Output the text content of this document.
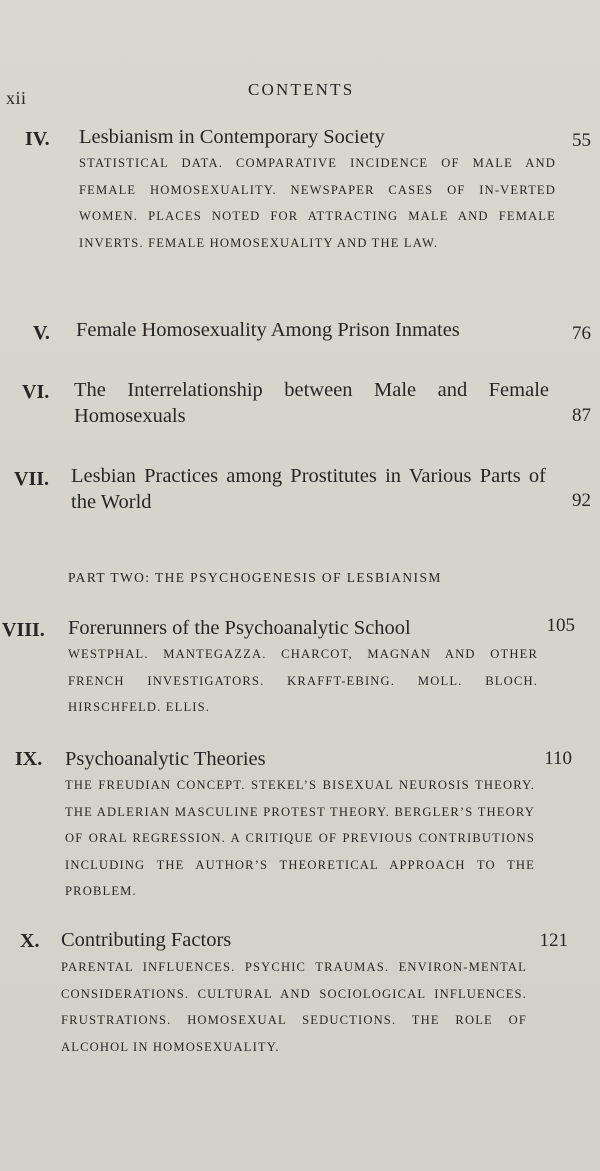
xii	CONTENTS
IV. Lesbianism in Contemporary Society	55
STATISTICAL DATA. COMPARATIVE INCIDENCE OF MALE AND FEMALE HOMOSEXUALITY. NEWSPAPER CASES OF IN-VERTED WOMEN. PLACES NOTED FOR ATTRACTING MALE AND FEMALE INVERTS. FEMALE HOMOSEXUALITY AND THE LAW.
V. Female Homosexuality Among Prison Inmates	76
VI. The Interrelationship between Male and Female Homosexuals	87
VII. Lesbian Practices among Prostitutes in Various Parts of the World	92
PART TWO: THE PSYCHOGENESIS OF LESBIANISM
VIII. Forerunners of the Psychoanalytic School	105
WESTPHAL. MANTEGAZZA. CHARCOT, MAGNAN AND OTHER FRENCH INVESTIGATORS. KRAFFT-EBING. MOLL. BLOCH. HIRSCHFELD. ELLIS.
IX. Psychoanalytic Theories	110
THE FREUDIAN CONCEPT. STEKEL’S BISEXUAL NEUROSIS THEORY. THE ADLERIAN MASCULINE PROTEST THEORY. BERGLER’S THEORY OF ORAL REGRESSION. A CRITIQUE OF PREVIOUS CONTRIBUTIONS INCLUDING THE AUTHOR’S THEORETICAL APPROACH TO THE PROBLEM.
X. Contributing Factors	121
PARENTAL INFLUENCES. PSYCHIC TRAUMAS. ENVIRON-MENTAL CONSIDERATIONS. CULTURAL AND SOCIOLOGICAL INFLUENCES. FRUSTRATIONS. HOMOSEXUAL SEDUCTIONS. THE ROLE OF ALCOHOL IN HOMOSEXUALITY.
